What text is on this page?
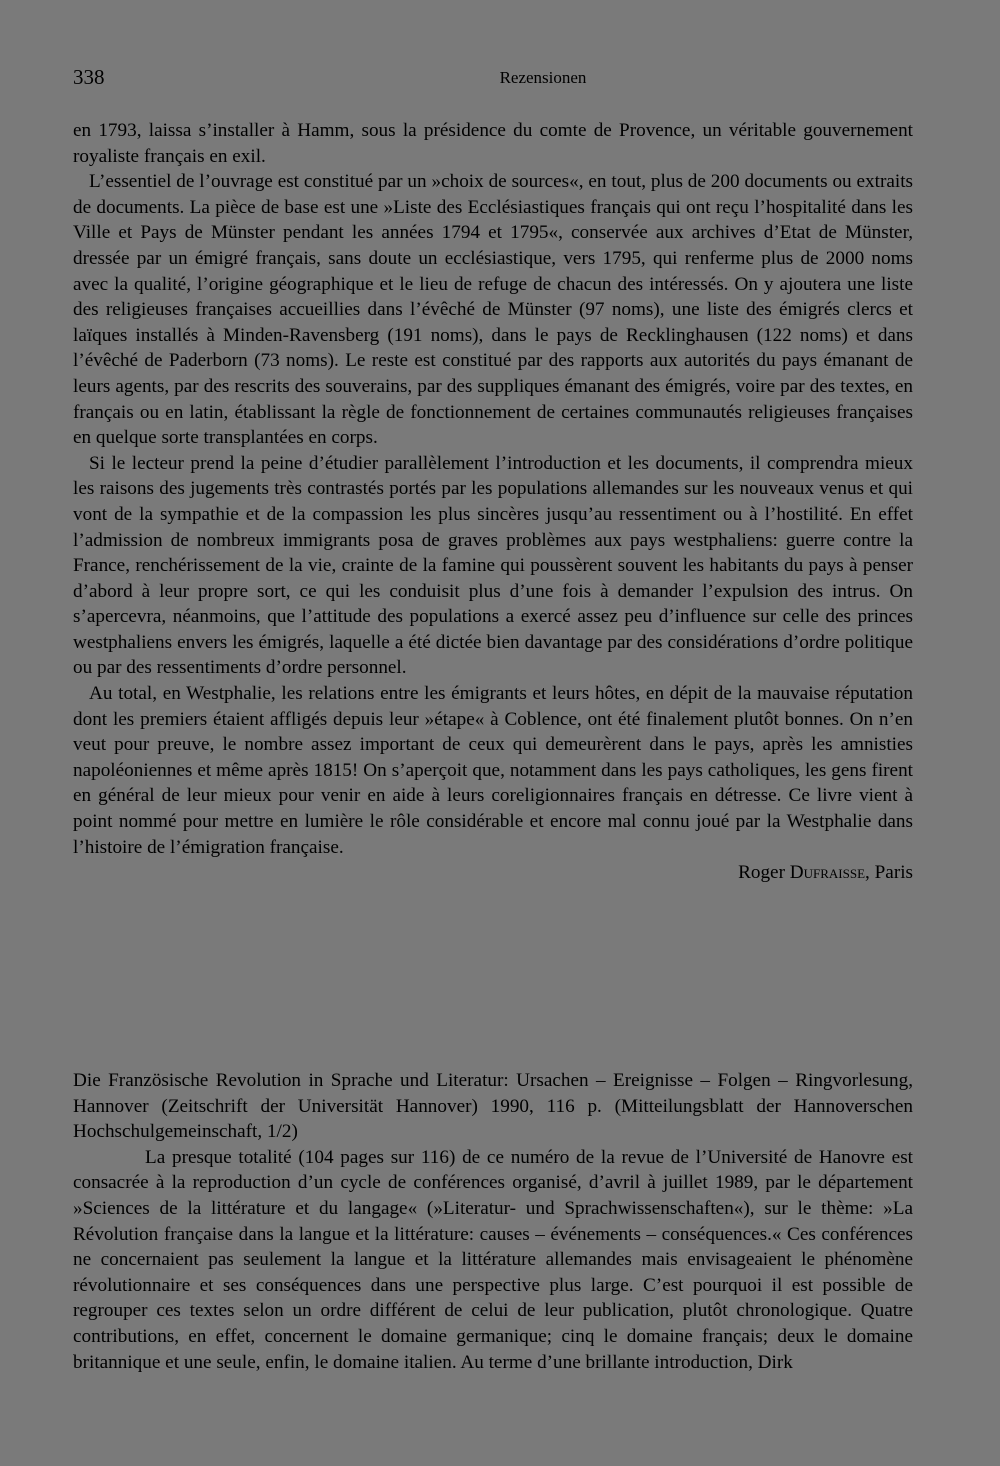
338	Rezensionen

en 1793, laissa s’installer à Hamm, sous la présidence du comte de Provence, un véritable gouvernement royaliste français en exil.

L’essentiel de l’ouvrage est constitué par un »choix de sources«, en tout, plus de 200 documents ou extraits de documents. La pièce de base est une »Liste des Ecclésiastiques français qui ont reçu l’hospitalité dans les Ville et Pays de Münster pendant les années 1794 et 1795«, conservée aux archives d’Etat de Münster, dressée par un émigré français, sans doute un ecclésiastique, vers 1795, qui renferme plus de 2000 noms avec la qualité, l’origine géographique et le lieu de refuge de chacun des intéressés. On y ajoutera une liste des religieuses françaises accueillies dans l’évêché de Münster (97 noms), une liste des émigrés clercs et laïques installés à Minden-Ravensberg (191 noms), dans le pays de Recklinghausen (122 noms) et dans l’évêché de Paderborn (73 noms). Le reste est constitué par des rapports aux autorités du pays émanant de leurs agents, par des rescrits des souverains, par des suppliques émanant des émigrés, voire par des textes, en français ou en latin, établissant la règle de fonctionnement de certaines communautés religieuses françaises en quelque sorte transplantées en corps.

Si le lecteur prend la peine d’étudier parallèlement l’introduction et les documents, il comprendra mieux les raisons des jugements très contrastés portés par les populations allemandes sur les nouveaux venus et qui vont de la sympathie et de la compassion les plus sincères jusqu’au ressentiment ou à l’hostilité. En effet l’admission de nombreux immigrants posa de graves problèmes aux pays westphaliens: guerre contre la France, renchérissement de la vie, crainte de la famine qui poussèrent souvent les habitants du pays à penser d’abord à leur propre sort, ce qui les conduisit plus d’une fois à demander l’expulsion des intrus. On s’apercevra, néanmoins, que l’attitude des populations a exercé assez peu d’influence sur celle des princes westphaliens envers les émigrés, laquelle a été dictée bien davantage par des considérations d’ordre politique ou par des ressentiments d’ordre personnel.

Au total, en Westphalie, les relations entre les émigrants et leurs hôtes, en dépit de la mauvaise réputation dont les premiers étaient affligés depuis leur »étape« à Coblence, ont été finalement plutôt bonnes. On n’en veut pour preuve, le nombre assez important de ceux qui demeurèrent dans le pays, après les amnisties napoléoniennes et même après 1815! On s’aperçoit que, notamment dans les pays catholiques, les gens firent en général de leur mieux pour venir en aide à leurs coreligionnaires français en détresse. Ce livre vient à point nommé pour mettre en lumière le rôle considérable et encore mal connu joué par la Westphalie dans l’histoire de l’émigration française.

Roger Dufraisse, Paris

Die Französische Revolution in Sprache und Literatur: Ursachen – Ereignisse – Folgen – Ringvorlesung, Hannover (Zeitschrift der Universität Hannover) 1990, 116 p. (Mitteilungsblatt der Hannoverschen Hochschulgemeinschaft, 1/2)

La presque totalité (104 pages sur 116) de ce numéro de la revue de l’Université de Hanovre est consacrée à la reproduction d’un cycle de conférences organisé, d’avril à juillet 1989, par le département »Sciences de la littérature et du langage« (»Literatur- und Sprachwissenschaften«), sur le thème: »La Révolution française dans la langue et la littérature: causes – événements – conséquences.« Ces conférences ne concernaient pas seulement la langue et la littérature allemandes mais envisageaient le phénomène révolutionnaire et ses conséquences dans une perspective plus large. C’est pourquoi il est possible de regrouper ces textes selon un ordre différent de celui de leur publication, plutôt chronologique. Quatre contributions, en effet, concernent le domaine germanique; cinq le domaine français; deux le domaine britannique et une seule, enfin, le domaine italien. Au terme d’une brillante introduction, Dirk
